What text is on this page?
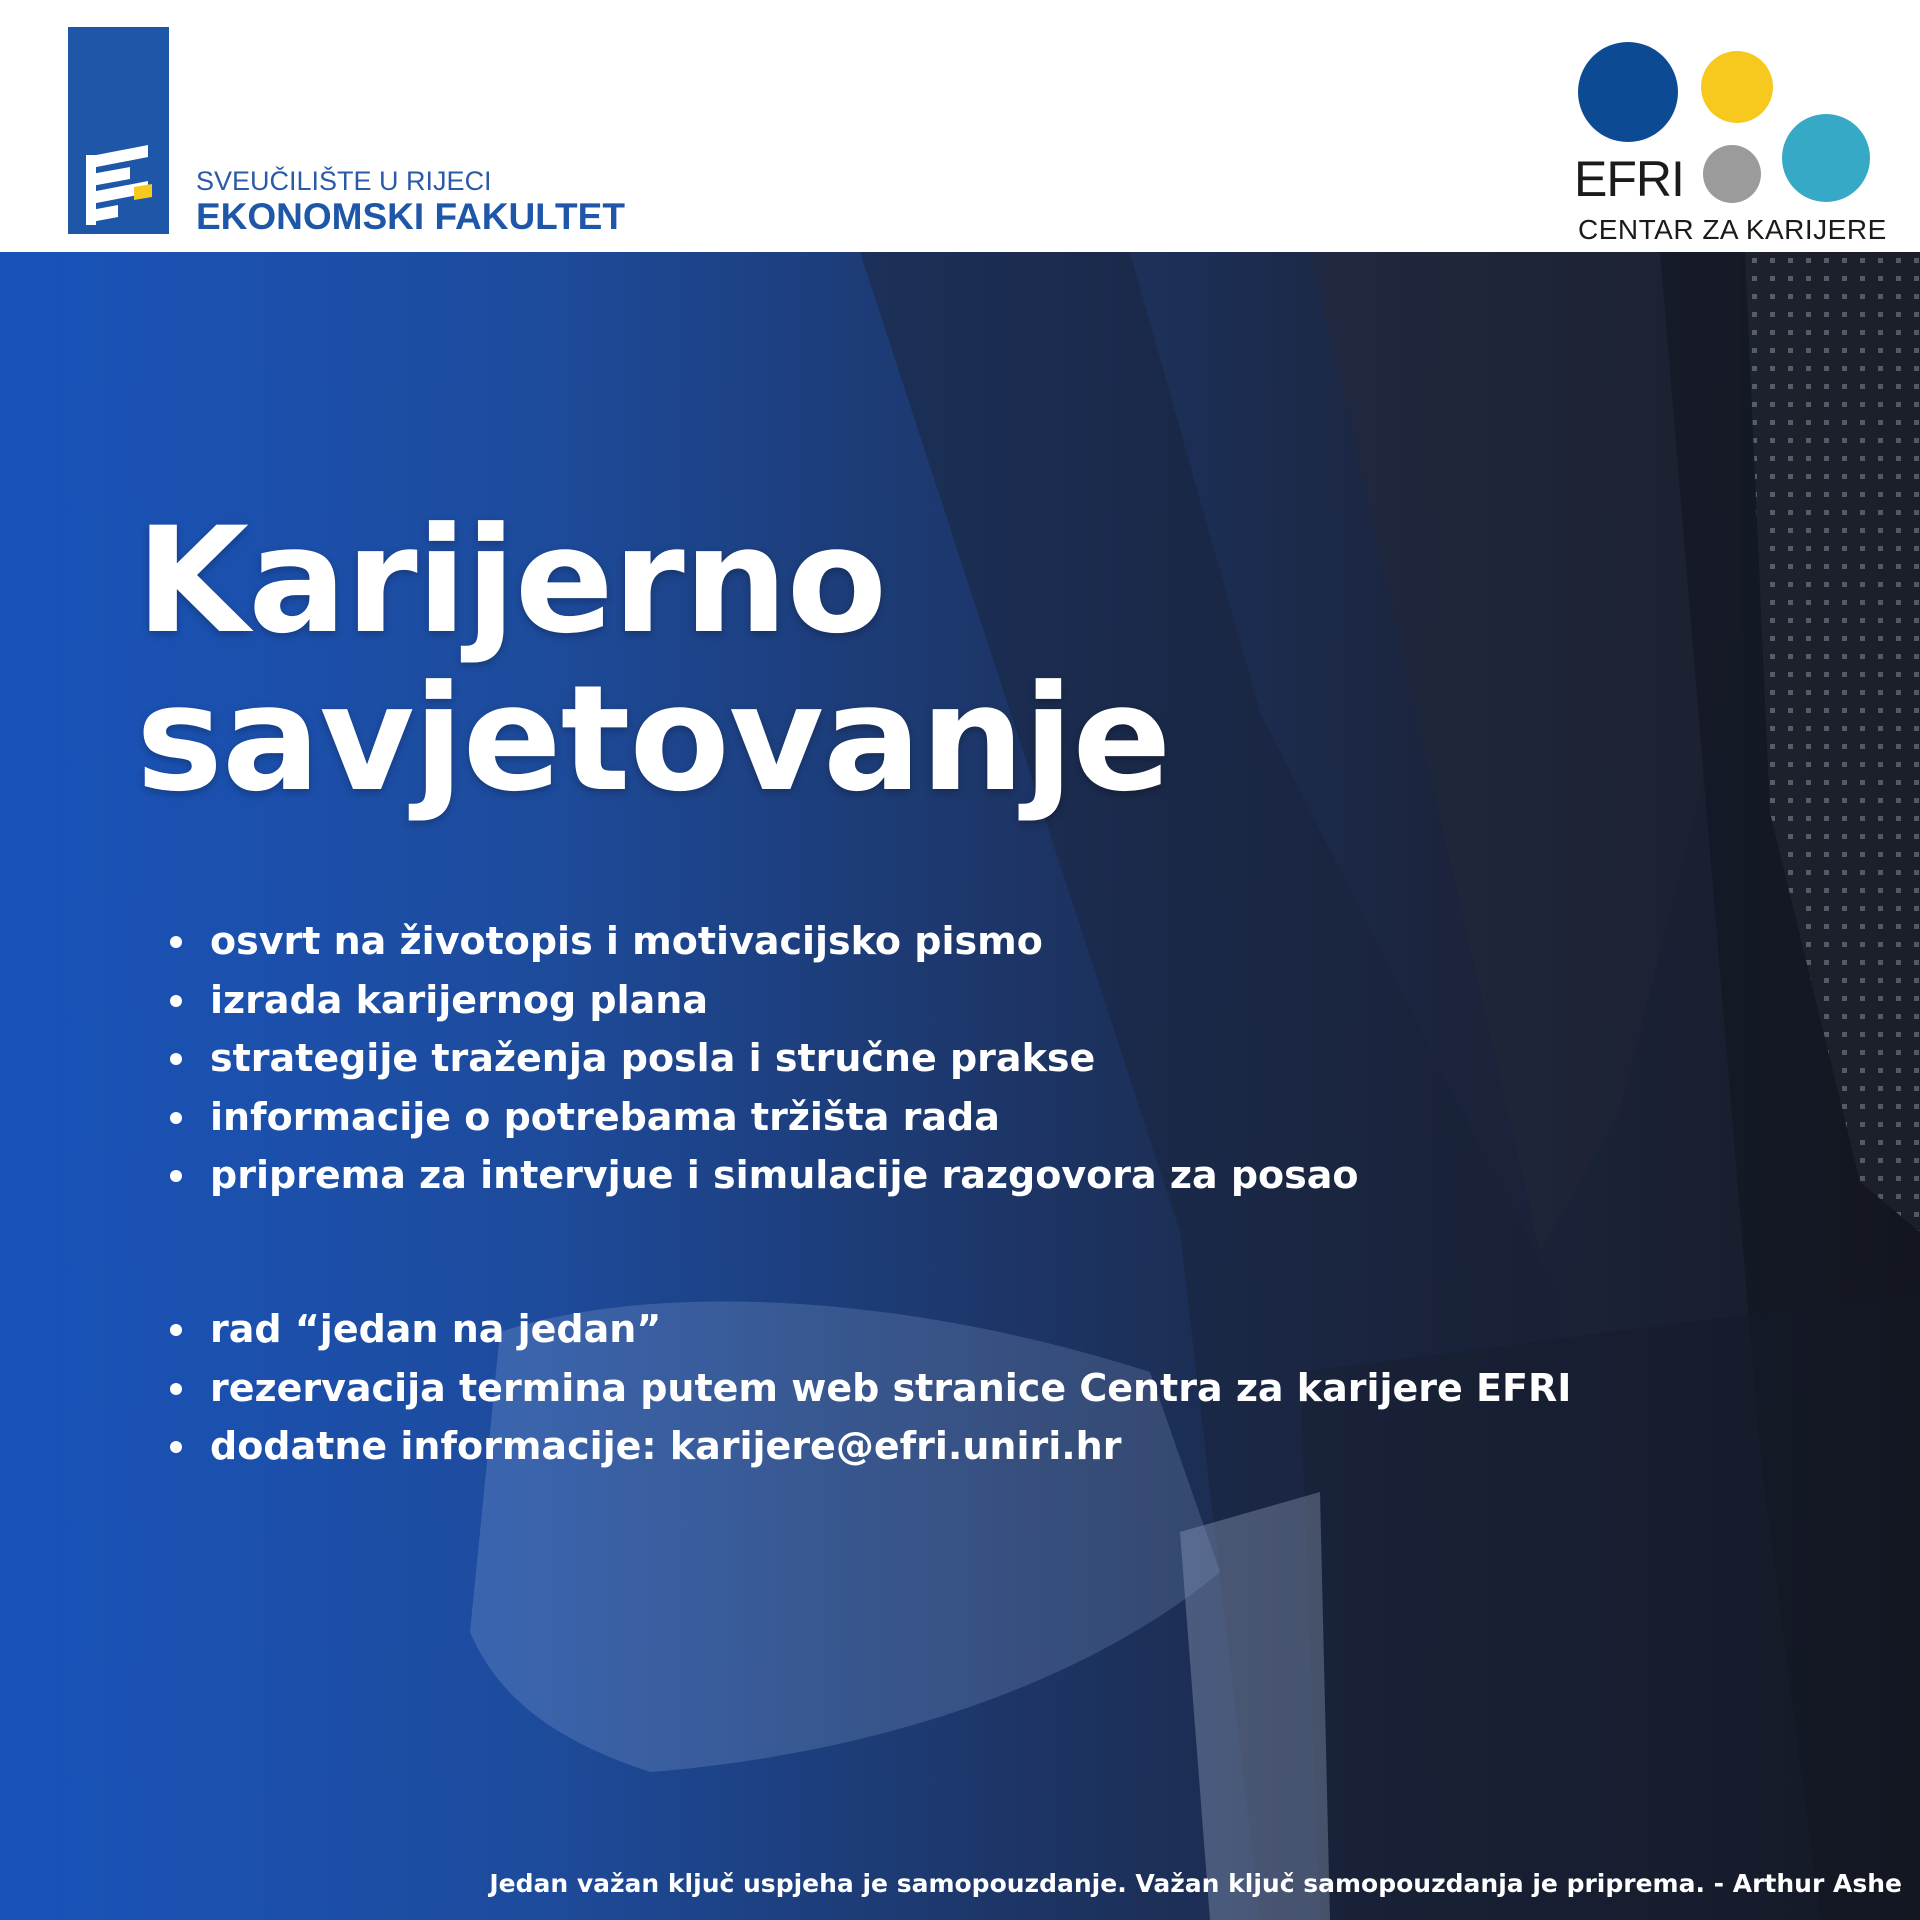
SVEUČILIŠTE U RIJECI
EKONOMSKI FAKULTET
EFRI
CENTAR ZA KARIJERE
Karijerno
savjetovanje
osvrt na životopis i motivacijsko pismo
izrada karijernog plana
strategije traženja posla i stručne prakse
informacije o potrebama tržišta rada
priprema za intervjue i simulacije razgovora za posao
rad “jedan na jedan”
rezervacija termina putem web stranice Centra za karijere EFRI
dodatne informacije: karijere@efri.uniri.hr
Jedan važan ključ uspjeha je samopouzdanje. Važan ključ samopouzdanja je priprema. - Arthur Ashe
